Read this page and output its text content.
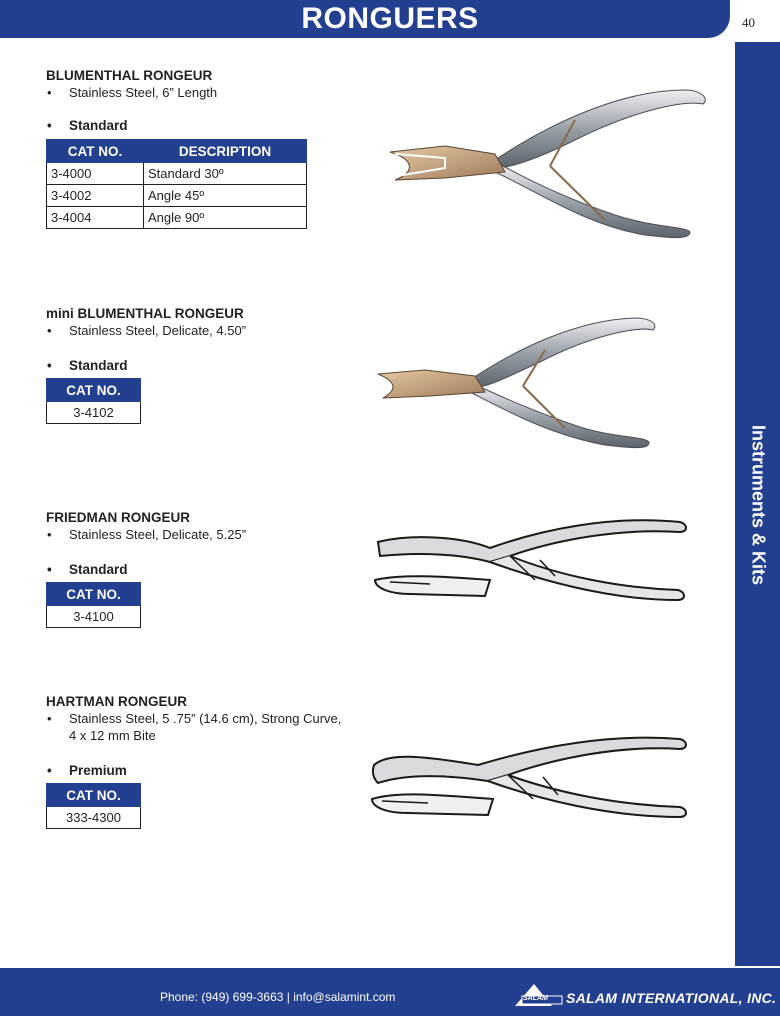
RONGUERS	40
Instruments & Kits
BLUMENTHAL RONGEUR
• Stainless Steel, 6” Length
• Standard
CAT NO.	DESCRIPTION
3-4000	Standard 30º
3-4002	Angle 45º
3-4004	Angle 90º
mini BLUMENTHAL RONGEUR
• Stainless Steel, Delicate, 4.50”
• Standard
CAT NO.
3-4102
FRIEDMAN RONGEUR
• Stainless Steel, Delicate, 5.25”
• Standard
CAT NO.
3-4100
HARTMAN RONGEUR
• Stainless Steel, 5 .75” (14.6 cm), Strong Curve,
4 x 12 mm Bite
• Premium
CAT NO.
333-4300
Phone: (949) 699-3663 | info@salamint.com	SALAM SALAM INTERNATIONAL, INC.
